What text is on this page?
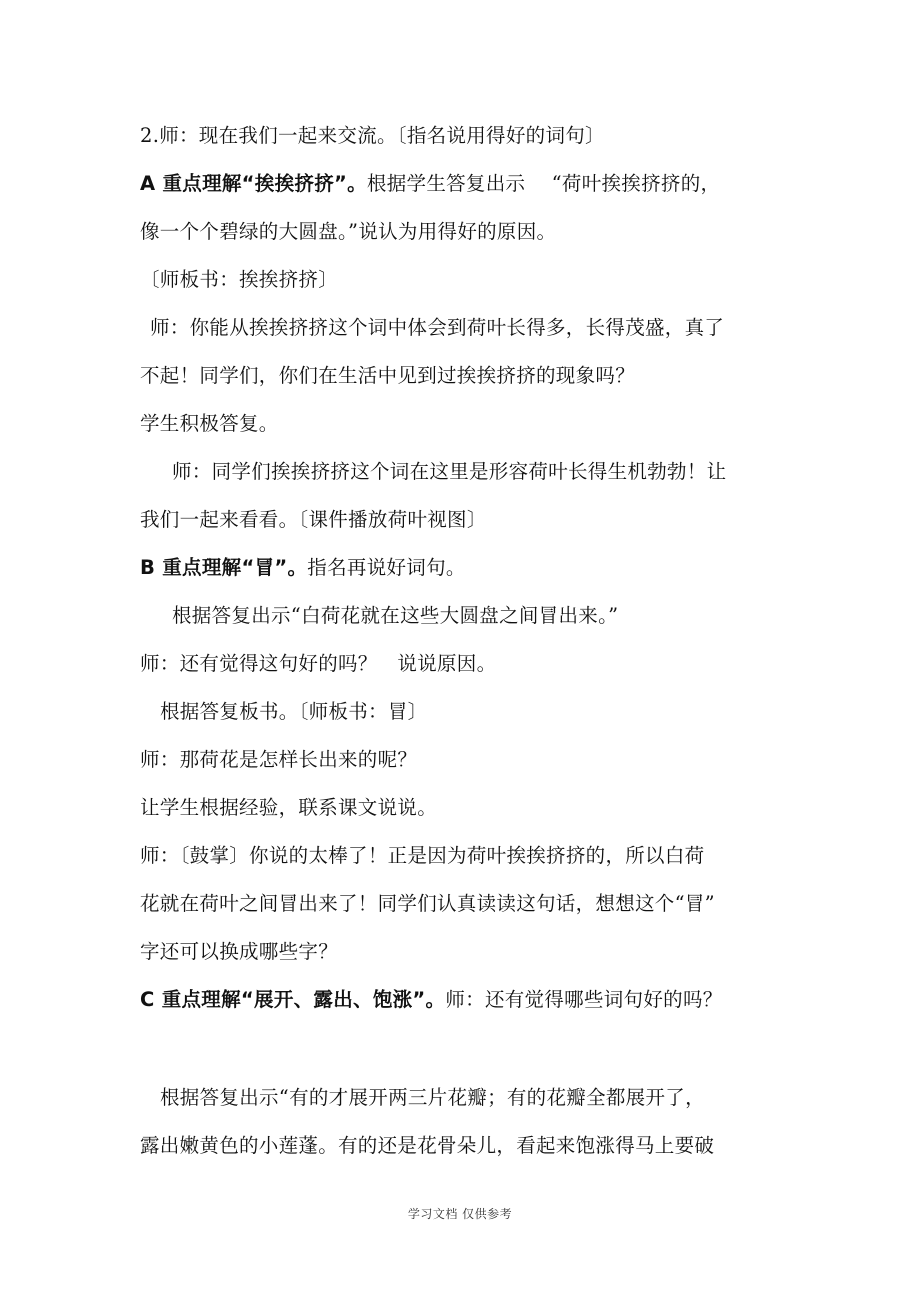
2.师：现在我们一起来交流。〔指名说用得好的词句〕
A 重点理解“挨挨挤挤”。根据学生答复出示　 “荷叶挨挨挤挤的，
像一个个碧绿的大圆盘。”说认为用得好的原因。
〔师板书：挨挨挤挤〕
师：你能从挨挨挤挤这个词中体会到荷叶长得多，长得茂盛，真了
不起！同学们，你们在生活中见到过挨挨挤挤的现象吗？
学生积极答复。
师：同学们挨挨挤挤这个词在这里是形容荷叶长得生机勃勃！让
我们一起来看看。〔课件播放荷叶视图〕
B 重点理解“冒”。指名再说好词句。
根据答复出示“白荷花就在这些大圆盘之间冒出来。”
师：还有觉得这句好的吗？　说说原因。
根据答复板书。〔师板书：冒〕
师：那荷花是怎样长出来的呢？
让学生根据经验，联系课文说说。
师：〔鼓掌〕你说的太棒了！正是因为荷叶挨挨挤挤的，所以白荷
花就在荷叶之间冒出来了！同学们认真读读这句话，想想这个“冒”
字还可以换成哪些字？
C 重点理解“展开、露出、饱涨”。师：还有觉得哪些词句好的吗？
根据答复出示“有的才展开两三片花瓣；有的花瓣全都展开了，
露出嫩黄色的小莲蓬。有的还是花骨朵儿，看起来饱涨得马上要破
学习文档 仅供参考
